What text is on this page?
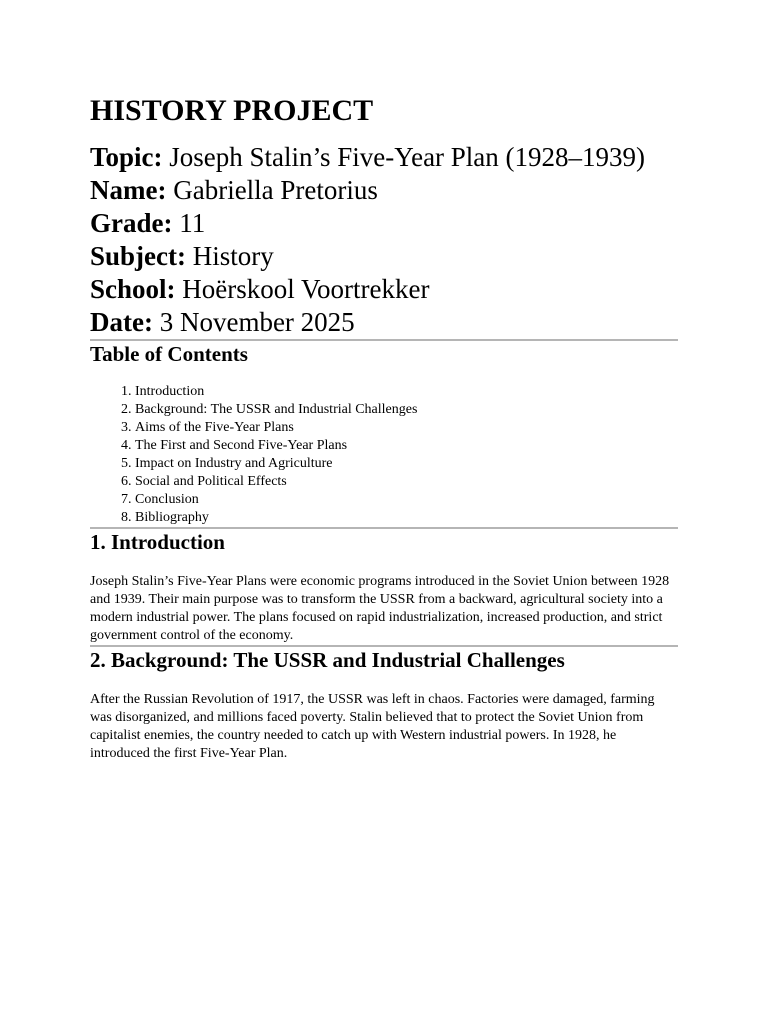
HISTORY PROJECT
Topic: Joseph Stalin’s Five-Year Plan (1928–1939)
Name: Gabriella Pretorius
Grade: 11
Subject: History
School: Hoërskool Voortrekker
Date: 3 November 2025
Table of Contents
1. Introduction
2. Background: The USSR and Industrial Challenges
3. Aims of the Five-Year Plans
4. The First and Second Five-Year Plans
5. Impact on Industry and Agriculture
6. Social and Political Effects
7. Conclusion
8. Bibliography
1. Introduction

Joseph Stalin’s Five-Year Plans were economic programs introduced in the Soviet Union between 1928 and 1939. Their main purpose was to transform the USSR from a backward, agricultural society into a modern industrial power. The plans focused on rapid industrialization, increased production, and strict government control of the economy.

2. Background: The USSR and Industrial Challenges

After the Russian Revolution of 1917, the USSR was left in chaos. Factories were damaged, farming was disorganized, and millions faced poverty. Stalin believed that to protect the Soviet Union from capitalist enemies, the country needed to catch up with Western industrial powers. In 1928, he introduced the first Five-Year Plan.
